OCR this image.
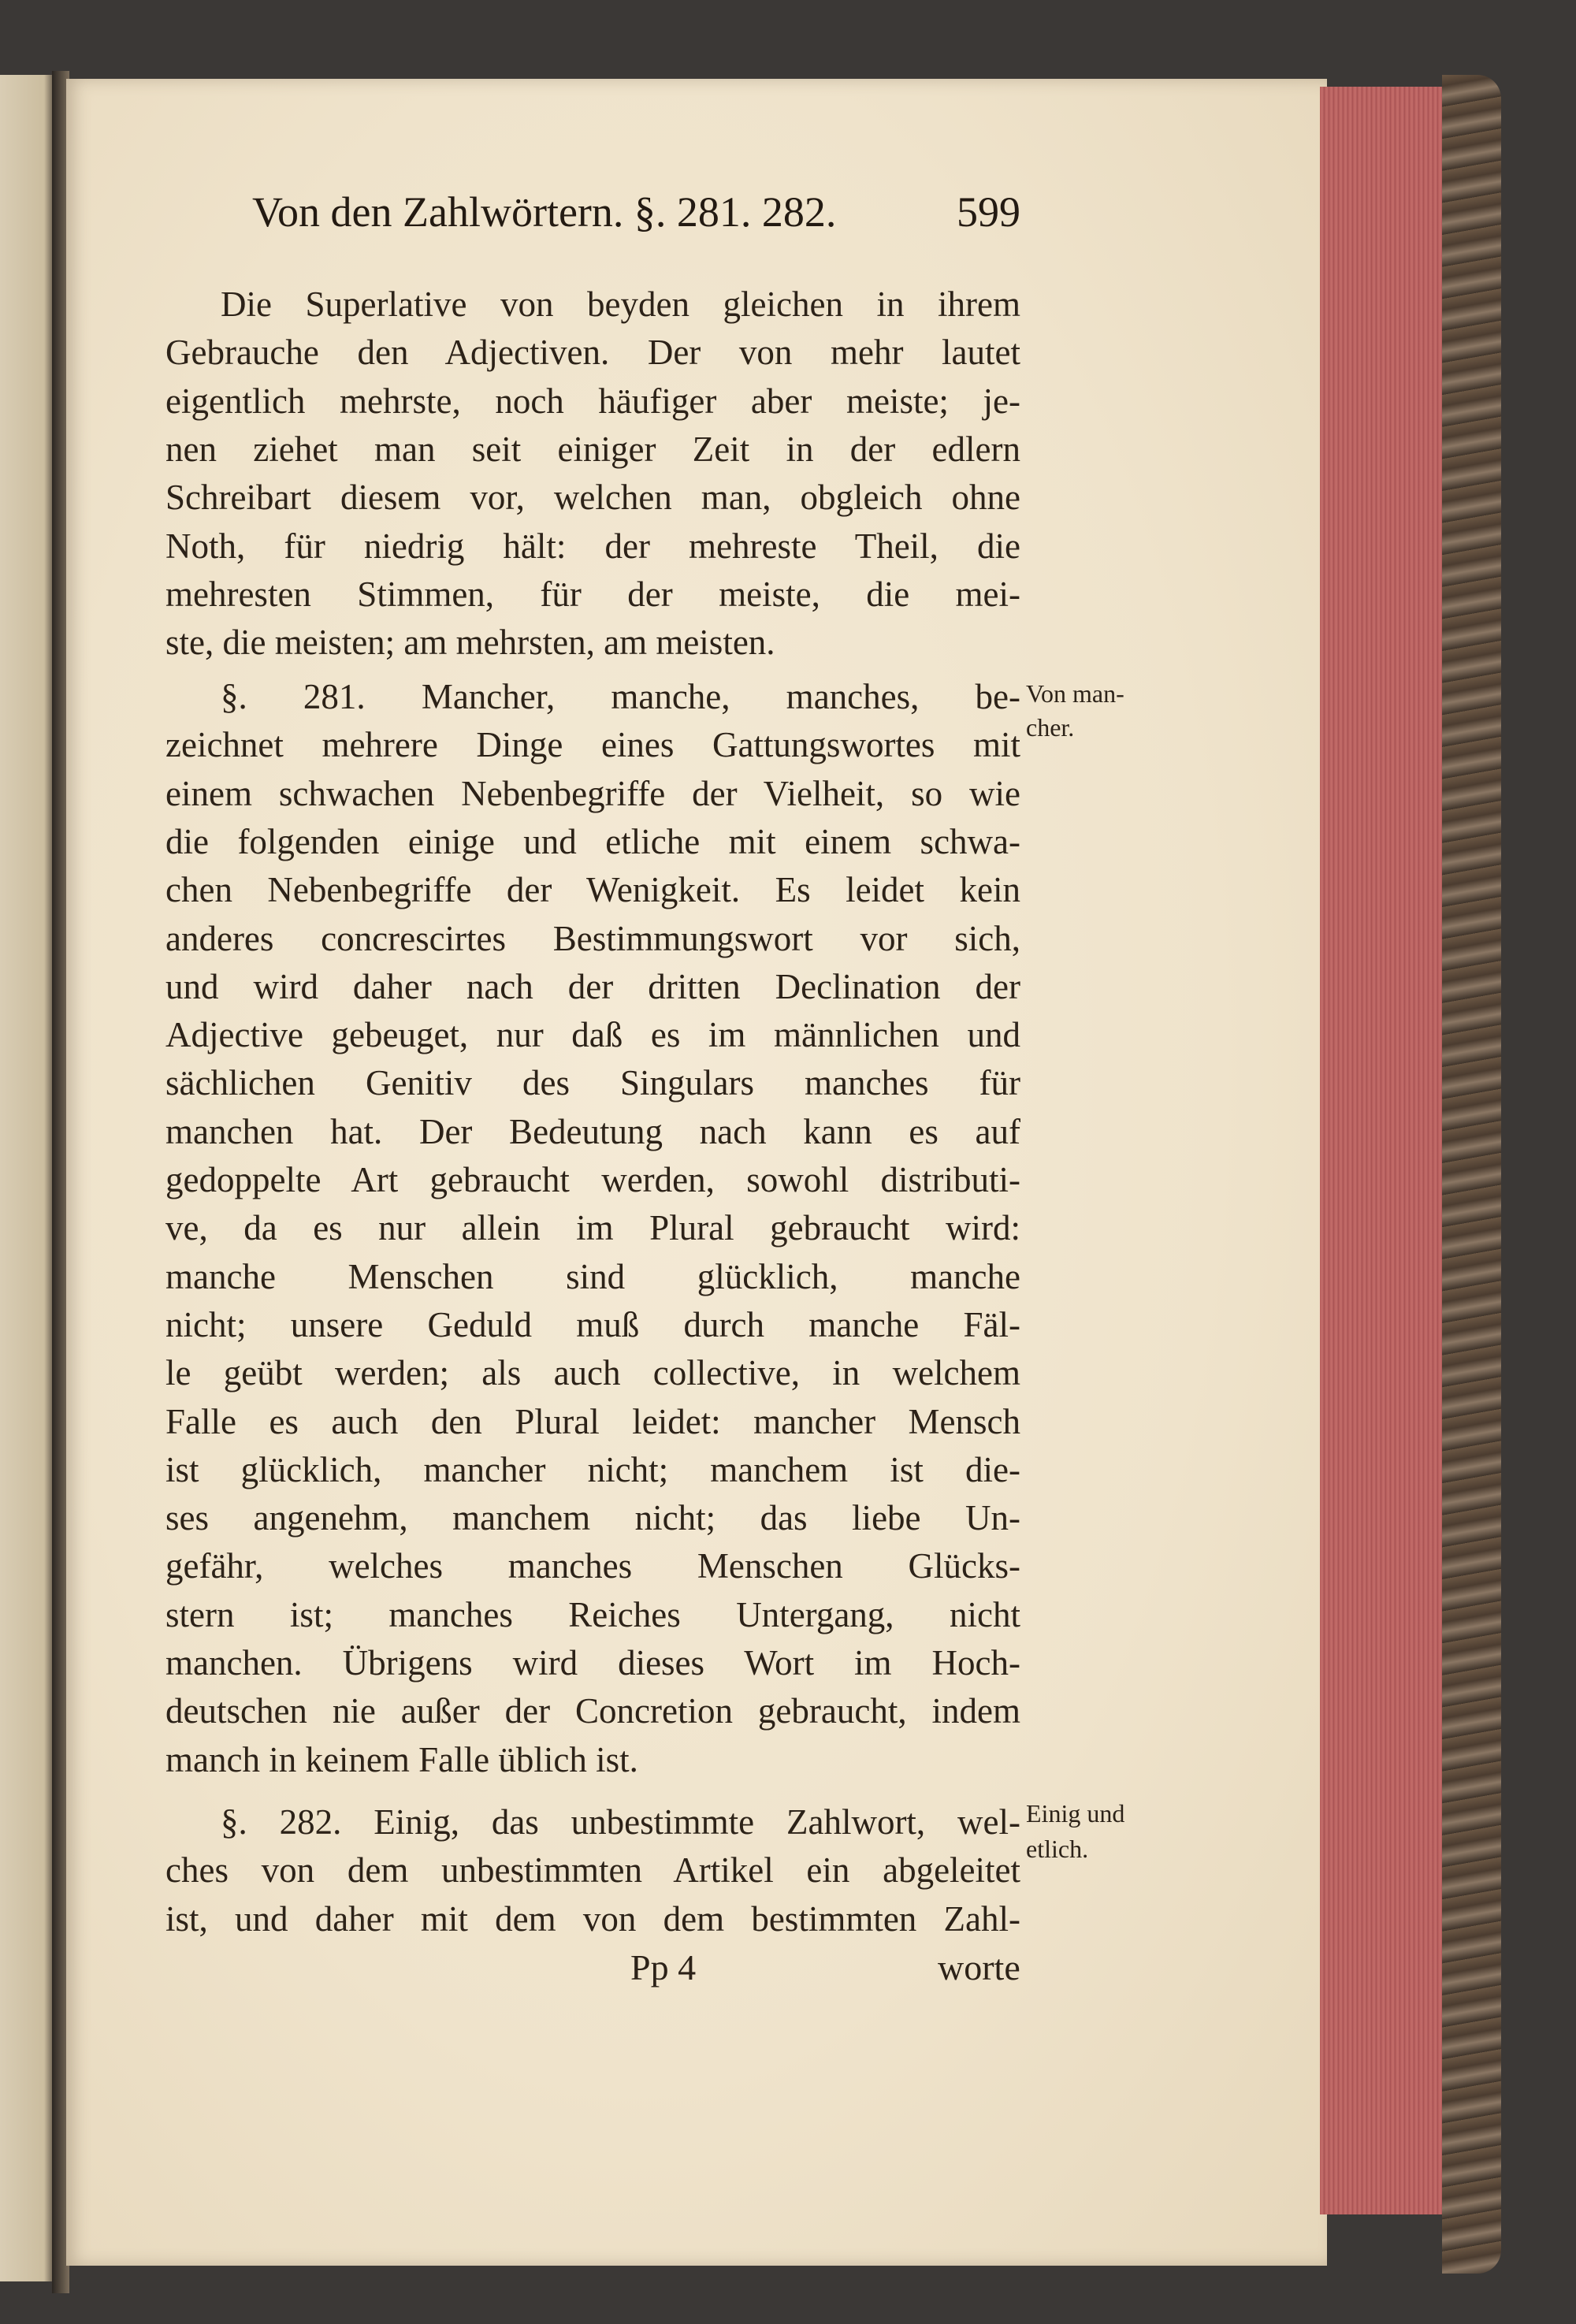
Von den Zahlwörtern. §. 281. 282.	599
Die Superlative von beyden gleichen in ihrem
Gebrauche den Adjectiven. Der von mehr lautet
eigentlich mehrste, noch häufiger aber meiste; je-
nen ziehet man seit einiger Zeit in der edlern
Schreibart diesem vor, welchen man, obgleich ohne
Noth, für niedrig hält: der mehreste Theil, die
mehresten Stimmen, für der meiste, die mei-
ste, die meisten; am mehrsten, am meisten.
§. 281. Mancher, manche, manches, be-
zeichnet mehrere Dinge eines Gattungswortes mit
einem schwachen Nebenbegriffe der Vielheit, so wie
die folgenden einige und etliche mit einem schwa-
chen Nebenbegriffe der Wenigkeit. Es leidet kein
anderes concrescirtes Bestimmungswort vor sich,
und wird daher nach der dritten Declination der
Adjective gebeuget, nur daß es im männlichen und
sächlichen Genitiv des Singulars manches für
manchen hat. Der Bedeutung nach kann es auf
gedoppelte Art gebraucht werden, sowohl distributi-
ve, da es nur allein im Plural gebraucht wird:
manche Menschen sind glücklich, manche
nicht; unsere Geduld muß durch manche Fäl-
le geübt werden; als auch collective, in welchem
Falle es auch den Plural leidet: mancher Mensch
ist glücklich, mancher nicht; manchem ist die-
ses angenehm, manchem nicht; das liebe Un-
gefähr, welches manches Menschen Glücks-
stern ist; manches Reiches Untergang, nicht
manchen. Übrigens wird dieses Wort im Hoch-
deutschen nie außer der Concretion gebraucht, indem
manch in keinem Falle üblich ist.
§. 282. Einig, das unbestimmte Zahlwort, wel-
ches von dem unbestimmten Artikel ein abgeleitet
ist, und daher mit dem von dem bestimmten Zahl-
Von man-
cher.
Einig und
etlich.
Pp 4	worte
